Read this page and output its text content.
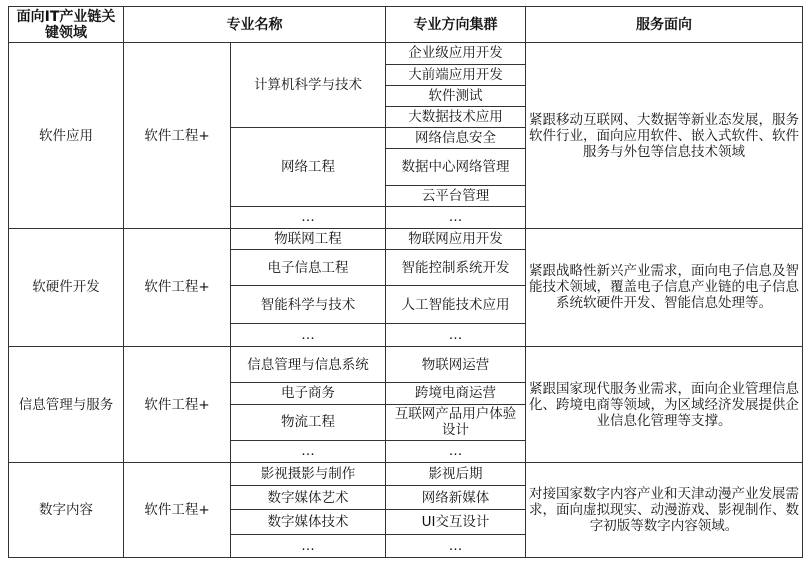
面向IT产业链关键领域	专业名称		专业方向集群	服务面向
软件应用	软件工程+	计算机科学与技术	企业级应用开发	紧跟移动互联网、大数据等新业态发展，服务软件行业，面向应用软件、嵌入式软件、软件服务与外包等信息技术领域
			大前端应用开发	
			软件测试	
			大数据技术应用	
		网络工程	网络信息安全	
			数据中心网络管理	
			云平台管理	
		…	…	

软硬件开发	软件工程+	物联网工程	物联网应用开发	紧跟战略性新兴产业需求，面向电子信息及智能技术领域，覆盖电子信息产业链的电子信息系统软硬件开发、智能信息处理等。
		电子信息工程	智能控制系统开发	
		智能科学与技术	人工智能技术应用	
		…	…	
信息管理与服务	软件工程+	信息管理与信息系统	物联网运营	紧跟国家现代服务业需求，面向企业管理信息化、跨境电商等领域，为区域经济发展提供企业信息化管理等支撑。
		电子商务	跨境电商运营	
		物流工程	互联网产品用户体验设计	
		…	…	
数字内容	软件工程+	影视摄影与制作	影视后期	对接国家数字内容产业和天津动漫产业发展需求，面向虚拟现实、动漫游戏、影视制作、数字初版等数字内容领域。
		数字媒体艺术	网络新媒体	
		数字媒体技术	UI交互设计	
		…	…	
